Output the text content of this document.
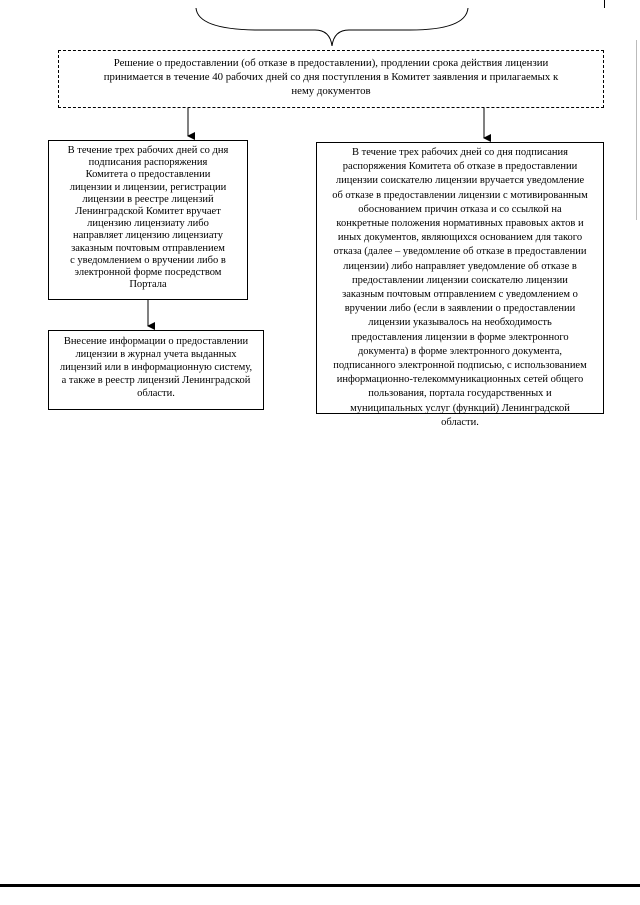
Решение о предоставлении (об отказе в предоставлении), продлении срока действия лицензии
принимается в течение 40 рабочих дней со дня поступления в Комитет заявления и прилагаемых к
нему документов
В течение трех рабочих дней со дня
подписания распоряжения
Комитета о предоставлении
лицензии и лицензии, регистрации
лицензии в реестре лицензий
Ленинградской Комитет вручает
лицензию лицензиату либо
направляет лицензию лицензиату
заказным почтовым отправлением
с уведомлением о вручении либо в
электронной форме посредством
Портала
Внесение информации о предоставлении
лицензии в журнал учета выданных
лицензий или в информационную систему,
а также в реестр лицензий Ленинградской
области.
В течение трех рабочих дней со дня подписания
распоряжения Комитета об отказе в предоставлении
лицензии соискателю лицензии вручается уведомление
об отказе в предоставлении лицензии с мотивированным
обоснованием причин отказа и со ссылкой на
конкретные положения нормативных правовых актов и
иных документов, являющихся основанием для такого
отказа (далее – уведомление об отказе в предоставлении
лицензии) либо направляет уведомление об отказе в
предоставлении лицензии соискателю лицензии
заказным почтовым отправлением с уведомлением о
вручении либо (если в заявлении о предоставлении
лицензии указывалось на необходимость
предоставления лицензии в форме электронного
документа) в форме электронного документа,
подписанного электронной подписью, с использованием
информационно-телекоммуникационных сетей общего
пользования, портала государственных и
муниципальных услуг (функций) Ленинградской
области.
